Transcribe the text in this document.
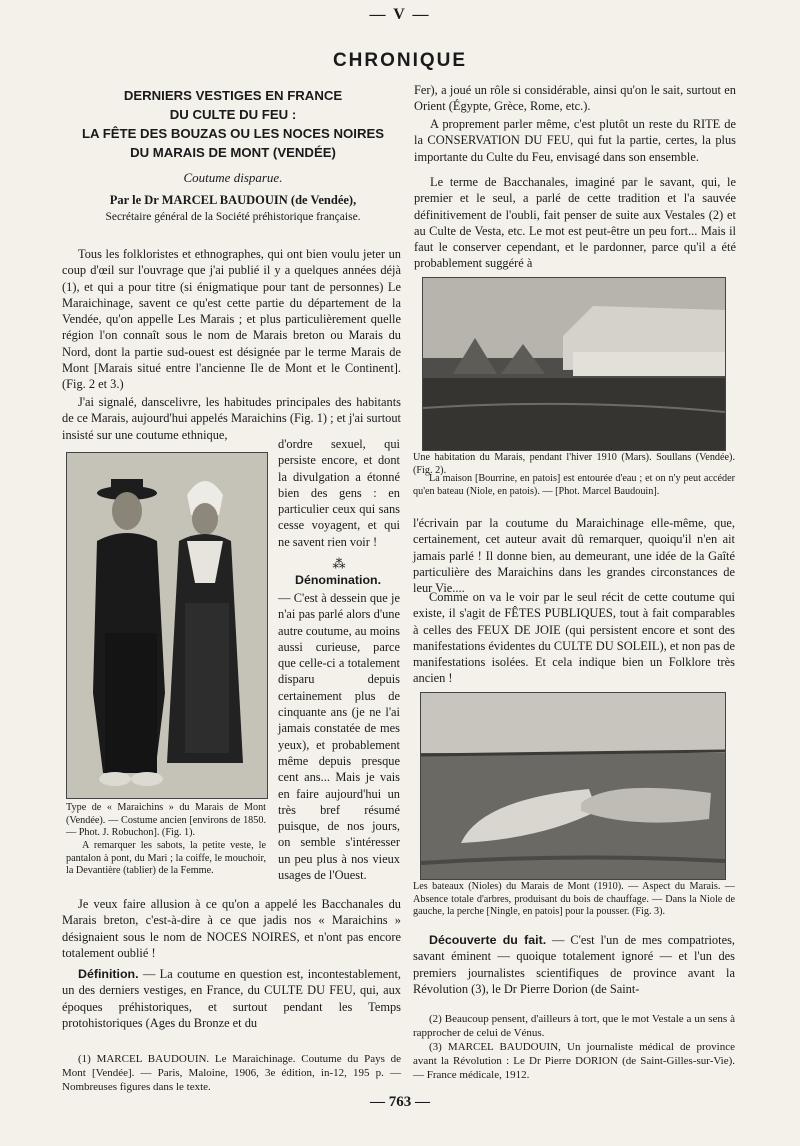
— V —
CHRONIQUE
DERNIERS VESTIGES EN FRANCE
DU CULTE DU FEU :
LA FÊTE DES BOUZAS OU LES NOCES NOIRES
DU MARAIS DE MONT (VENDÉE)
Coutume disparue.
Par le Dr MARCEL BAUDOUIN (de Vendée),
Secrétaire général de la Société préhistorique française.

Tous les folkloristes et ethnographes, qui ont bien voulu jeter un coup d'œil sur l'ouvrage que j'ai publié il y a quelques années déjà (1), et qui a pour titre (si énigmatique pour tant de personnes) Le Maraichinage, savent ce qu'est cette partie du département de la Vendée, qu'on appelle Les Marais ; et plus particulièrement quelle région l'on connaît sous le nom de Marais breton ou Marais du Nord, dont la partie sud-ouest est désignée par le terme Marais de Mont [Marais situé entre l'ancienne Ile de Mont et le Continent]. (Fig. 2 et 3.)

J'ai signalé, danscelivre, les habitudes principales des habitants de ce Marais, aujourd'hui appelés Maraichins (Fig. 1) ; et j'ai surtout insisté sur une coutume ethnique,

Type de « Maraichins » du Marais de Mont (Vendée). — Costume ancien [environs de 1850. — Phot. J. Robuchon]. (Fig. 1).

A remarquer les sabots, la petite veste, le pantalon à pont, du Mari ; la coiffe, le mouchoir, la Devantière (tablier) de la Femme.

d'ordre sexuel, qui persiste encore, et dont la divulgation a étonné bien des gens : en particulier ceux qui sans cesse voyagent, et qui ne savent rien voir !

⁂
Dénomination.

— C'est à dessein que je n'ai pas parlé alors d'une autre coutume, au moins aussi curieuse, parce que celle-ci a totalement disparu depuis certainement plus de cinquante ans (je ne l'ai jamais constatée de mes yeux), et probablement même depuis presque cent ans... Mais je vais en faire aujourd'hui un très bref résumé puisque, de nos jours, on semble s'intéresser un peu plus à nos vieux usages de l'Ouest.

Je veux faire allusion à ce qu'on a appelé les Bacchanales du Marais breton, c'est-à-dire à ce que jadis nos « Maraichins » désignaient sous le nom de NOCES NOIRES, et n'ont pas encore totalement oublié !

Définition. — La coutume en question est, incontestablement, un des derniers vestiges, en France, du CULTE DU FEU, qui, aux époques préhistoriques, et surtout pendant les Temps protohistoriques (Ages du Bronze et du

(1) MARCEL BAUDOUIN. Le Maraichinage. Coutume du Pays de Mont [Vendée]. — Paris, Maloine, 1906, 3e édition, in-12, 195 p. — Nombreuses figures dans le texte.

Fer), a joué un rôle si considérable, ainsi qu'on le sait, surtout en Orient (Égypte, Grèce, Rome, etc.).

A proprement parler même, c'est plutôt un reste du RITE de la CONSERVATION DU FEU, qui fut la partie, certes, la plus importante du Culte du Feu, envisagé dans son ensemble.

Le terme de Bacchanales, imaginé par le savant, qui, le premier et le seul, a parlé de cette tradition et l'a sauvée définitivement de l'oubli, fait penser de suite aux Vestales (2) et au Culte de Vesta, etc. Le mot est peut-être un peu fort... Mais il faut le conserver cependant, et le pardonner, parce qu'il a été probablement suggéré à

Une habitation du Marais, pendant l'hiver 1910 (Mars). Soullans (Vendée). (Fig. 2).

La maison [Bourrine, en patois] est entourée d'eau ; et on n'y peut accéder qu'en bateau (Niole, en patois). — [Phot. Marcel Baudouin].

l'écrivain par la coutume du Maraichinage elle-même, que, certainement, cet auteur avait dû remarquer, quoiqu'il n'en ait jamais parlé ! Il donne bien, au demeurant, une idée de la Gaîté particulière des Maraichins dans les grandes circonstances de leur Vie....

Comme on va le voir par le seul récit de cette coutume qui existe, il s'agit de FÊTES PUBLIQUES, tout à fait comparables à celles des FEUX DE JOIE (qui persistent encore et sont des manifestations évidentes du CULTE DU SOLEIL), et non pas de manifestations isolées. Et cela indique bien un Folklore très ancien !

Les bateaux (Nioles) du Marais de Mont (1910). — Aspect du Marais. — Absence totale d'arbres, produisant du bois de chauffage. — Dans la Niole de gauche, la perche [Ningle, en patois] pour la pousser. (Fig. 3).

Découverte du fait. — C'est l'un de mes compatriotes, savant éminent — quoique totalement ignoré — et l'un des premiers journalistes scientifiques de province avant la Révolution (3), le Dr Pierre Dorion (de Saint-

(2) Beaucoup pensent, d'ailleurs à tort, que le mot Vestale a un sens à rapprocher de celui de Vénus.

(3) MARCEL BAUDOUIN, Un journaliste médical de province avant la Révolution : Le Dr Pierre DORION (de Saint-Gilles-sur-Vie). — France médicale, 1912.

— 763 —
